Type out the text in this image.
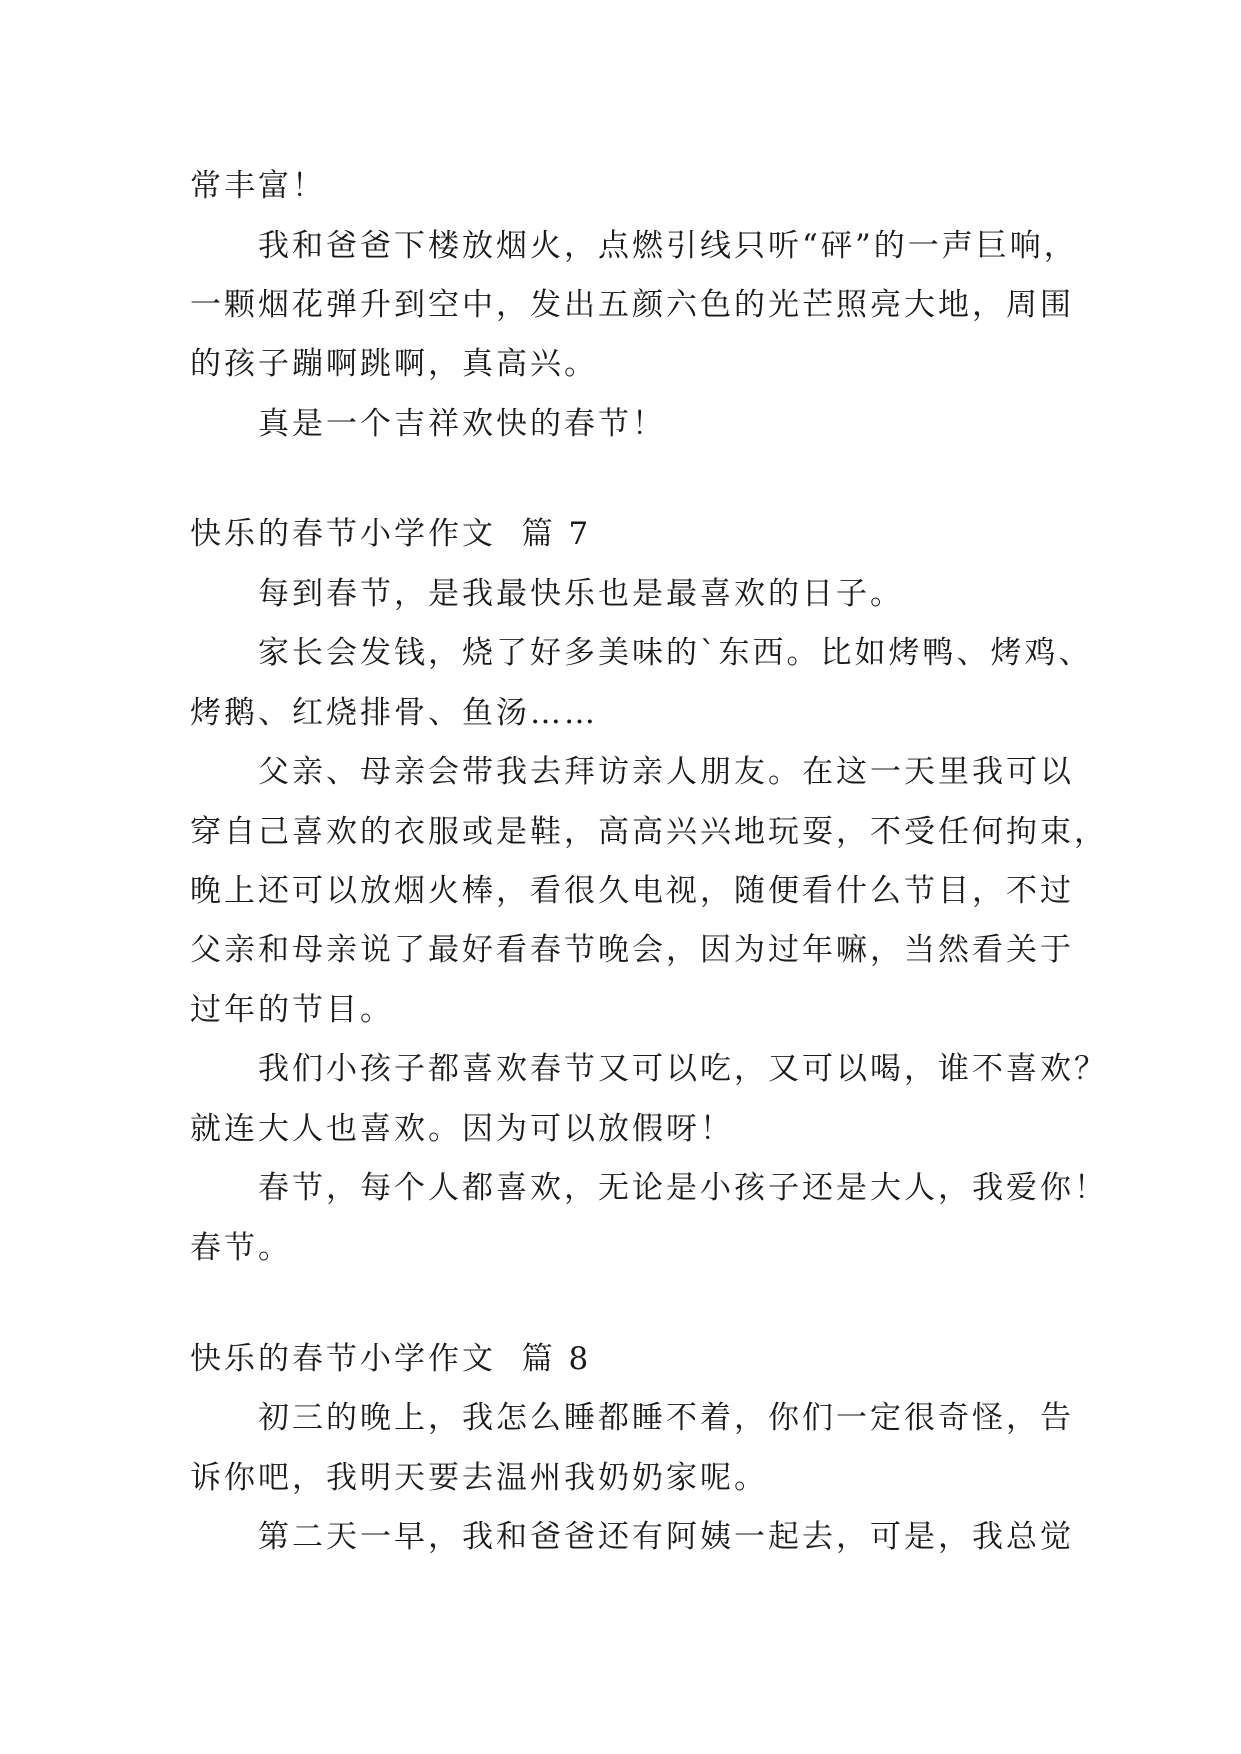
常丰富！
我和爸爸下楼放烟火，点燃引线只听“砰”的一声巨响，
一颗烟花弹升到空中，发出五颜六色的光芒照亮大地，周围
的孩子蹦啊跳啊，真高兴。
真是一个吉祥欢快的春节！
快乐的春节小学作文  篇 7
每到春节，是我最快乐也是最喜欢的日子。
家长会发钱，烧了好多美味的`东西。比如烤鸭、烤鸡、
烤鹅、红烧排骨、鱼汤……
父亲、母亲会带我去拜访亲人朋友。在这一天里我可以
穿自己喜欢的衣服或是鞋，高高兴兴地玩耍，不受任何拘束，
晚上还可以放烟火棒，看很久电视，随便看什么节目，不过
父亲和母亲说了最好看春节晚会，因为过年嘛，当然看关于
过年的节目。
我们小孩子都喜欢春节又可以吃，又可以喝，谁不喜欢？
就连大人也喜欢。因为可以放假呀！
春节，每个人都喜欢，无论是小孩子还是大人，我爱你！
春节。
快乐的春节小学作文  篇 8
初三的晚上，我怎么睡都睡不着，你们一定很奇怪，告
诉你吧，我明天要去温州我奶奶家呢。
第二天一早，我和爸爸还有阿姨一起去，可是，我总觉
